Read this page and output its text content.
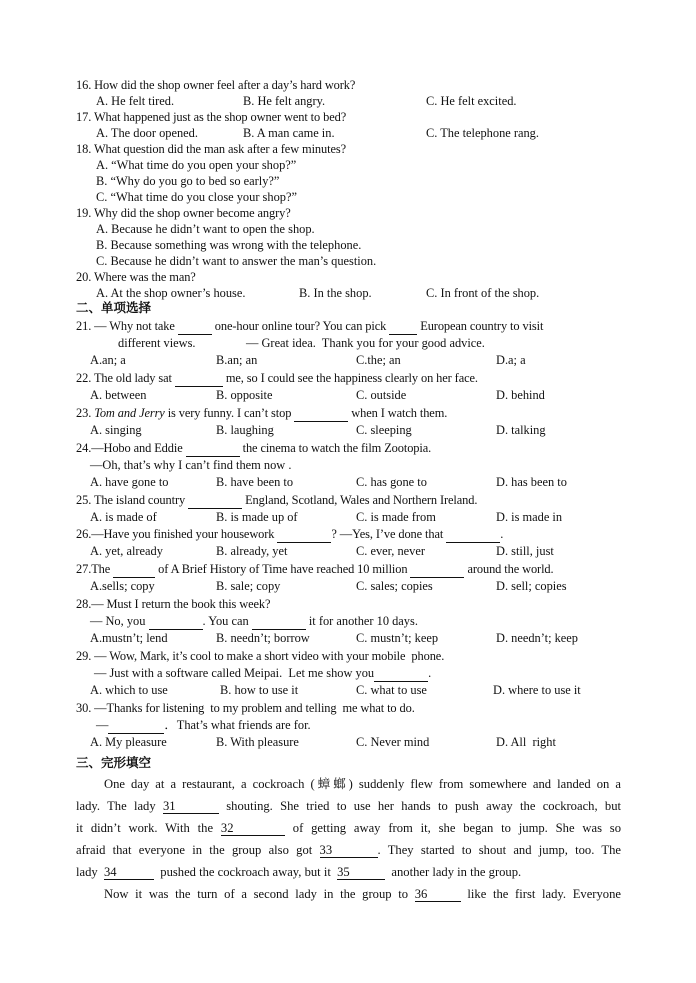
16. How did the shop owner feel after a day’s hard work?
A. He felt tired.	B. He felt angry.	C. He felt excited.
17. What happened just as the shop owner went to bed?
A. The door opened.	B. A man came in.	C. The telephone rang.
18. What question did the man ask after a few minutes?
A. “What time do you open your shop?”
B. “Why do you go to bed so early?”
C. “What time do you close your shop?”
19. Why did the shop owner become angry?
A. Because he didn’t want to open the shop.
B. Because something was wrong with the telephone.
C. Because he didn’t want to answer the man’s question.
20. Where was the man?
A. At the shop owner’s house.	B. In the shop.	C. In front of the shop.
二、单项选择
21. — Why not take	one-hour online tour? You can pick   European country to visit
different views.	— Great idea.  Thank you for your good advice.
A.an; a	B.an; an	C.the; an	D.a; a
22. The old lady sat	me, so I could see the happiness clearly on her face.
A. between	B. opposite	C. outside	D. behind
23. Tom and Jerry is very funny. I can’t stop	when I watch them.
A. singing	B. laughing	C. sleeping	D. talking
24.—Hobo and Eddie	the cinema to watch the film Zootopia.
—Oh, that’s why I can’t find them now .
A. have gone to	B. have been to	C. has gone to	D. has been to
25. The island country	England, Scotland, Wales and Northern Ireland.
A. is made of	B. is made up of	C. is made from	D. is made in
26.—Have you finished your housework	? —Yes, I’ve done that	.
A. yet, already	B. already, yet	C. ever, never	D. still, just
27.The	of A Brief History of Time have reached 10 million	around the world.
A.sells; copy	B. sale; copy	C. sales; copies	D. sell; copies
28.— Must I return the book this week?
— No, you	. You can	it for another 10 days.
A.mustn’t; lend	B. needn’t; borrow	C. mustn’t; keep	D. needn’t; keep
29. — Wow, Mark, it’s cool to make a short video with your mobile  phone.
— Just with a software called Meipai.  Let me show you	.
A. which to use	B. how to use it	C. what to use	D. where to use it
30. —Thanks for listening  to my problem and telling  me what to do.
—	．That’s what friends are for.
A. My pleasure	B. With pleasure	C. Never mind	D. All  right
三、完形填空
One day at a restaurant, a cockroach (蟑螂) suddenly flew from somewhere and landed on a
lady. The lady 31	shouting. She tried to use her hands to push away the cockroach, but
it didn’t work. With the 32	of getting away from it, she began to jump. She was so
afraid that everyone in the group also got 33	. They started to shout and jump, too. The
lady 34	pushed the cockroach away, but it 35	another lady in the group.
Now it was the turn of a second lady in the group to 36	like the first lady. Everyone
